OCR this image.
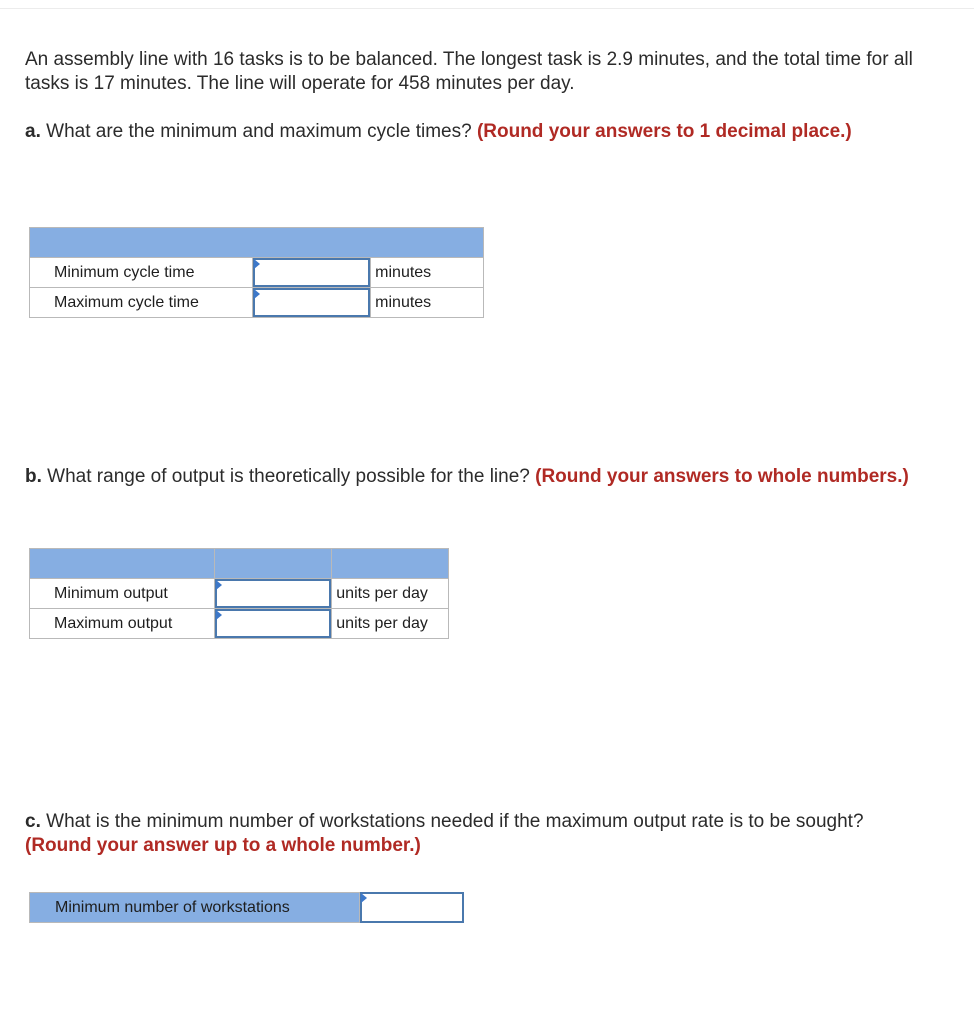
An assembly line with 16 tasks is to be balanced. The longest task is 2.9 minutes, and the total time for all tasks is 17 minutes. The line will operate for 458 minutes per day.

a. What are the minimum and maximum cycle times? (Round your answers to 1 decimal place.)

Minimum cycle time		minutes
Maximum cycle time		minutes

b. What range of output is theoretically possible for the line? (Round your answers to whole numbers.)

Minimum output		units per day
Maximum output		units per day

c. What is the minimum number of workstations needed if the maximum output rate is to be sought? (Round your answer up to a whole number.)

Minimum number of workstations
